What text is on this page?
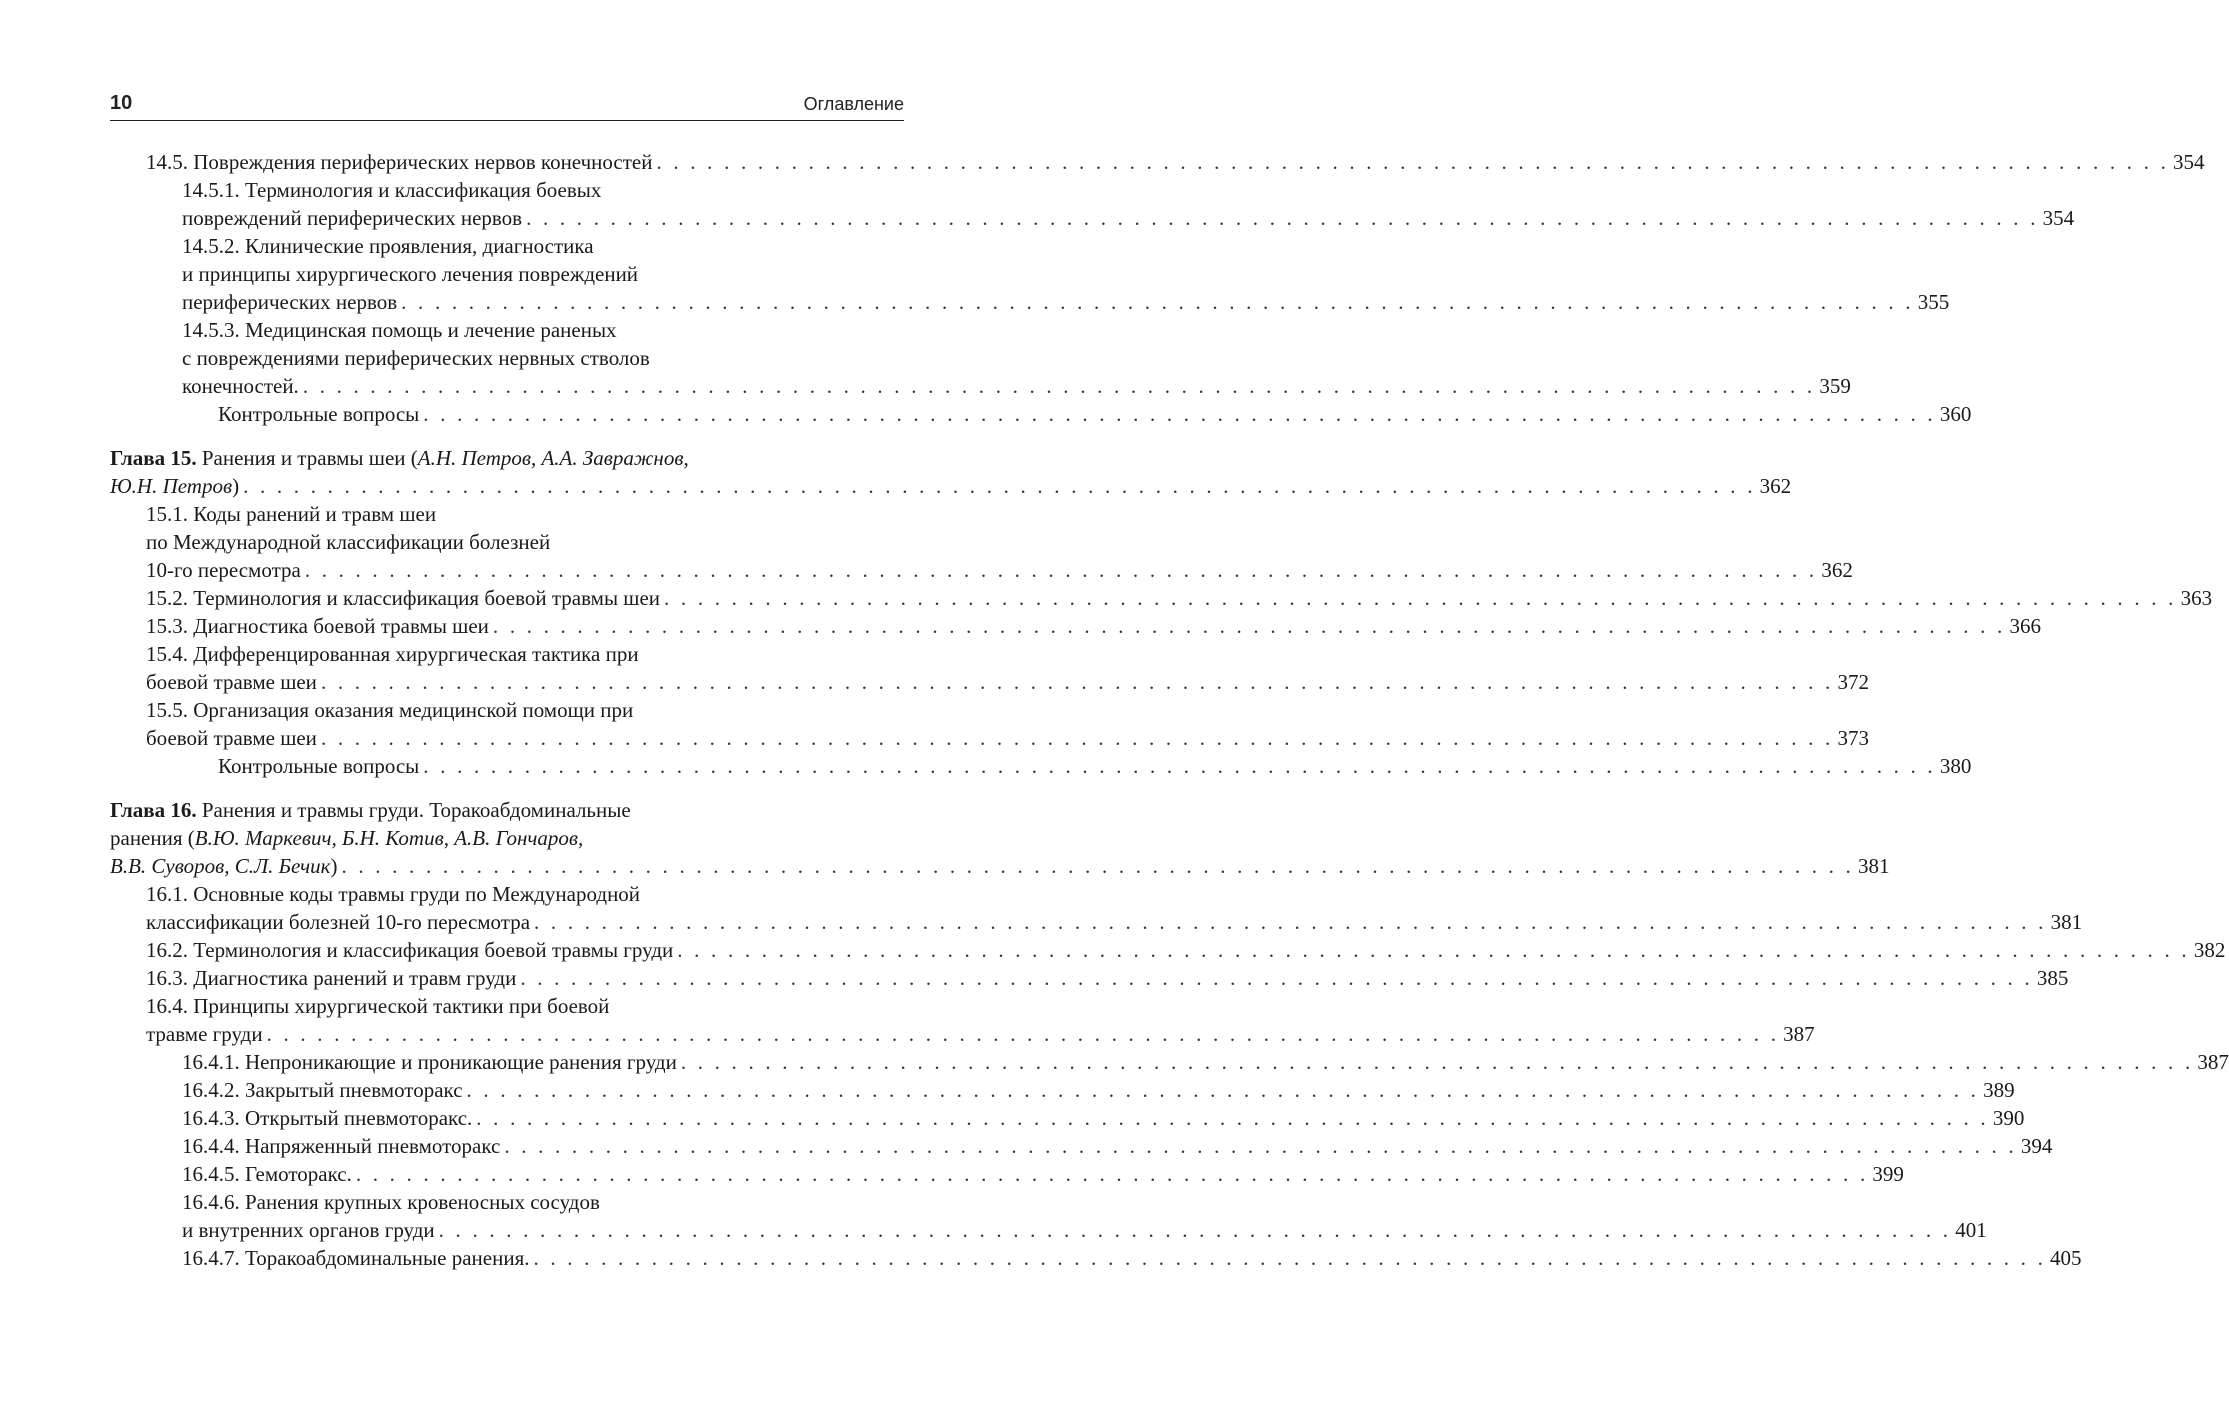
10	Оглавление
14.5. Повреждения периферических нервов конечностей . . . . . . . . . . . . . . . . . . . . . . . . . . . . . . . . . . . . . . . . . . . . . . . . . . . . . . . . . . . . . . . . . . . . . . . . . . . . . . . . . . . . . . . . . . 354
14.5.1. Терминология и классификация боевых
повреждений периферических нервов . . . . . . . . . . . . . . . . . . . . . . . . . . . . . . . . . . . . . . . . . . . . . . . . . . . . . . . . . . . . . . . . . . . . . . . . . . . . . . . . . . . . . . . . . . 354
14.5.2. Клинические проявления, диагностика
и принципы хирургического лечения повреждений
периферических нервов . . . . . . . . . . . . . . . . . . . . . . . . . . . . . . . . . . . . . . . . . . . . . . . . . . . . . . . . . . . . . . . . . . . . . . . . . . . . . . . . . . . . . . . . . . 355
14.5.3. Медицинская помощь и лечение раненых
с повреждениями периферических нервных стволов
конечностей. . . . . . . . . . . . . . . . . . . . . . . . . . . . . . . . . . . . . . . . . . . . . . . . . . . . . . . . . . . . . . . . . . . . . . . . . . . . . . . . . . . . . . . . . . . 359
Контрольные вопросы . . . . . . . . . . . . . . . . . . . . . . . . . . . . . . . . . . . . . . . . . . . . . . . . . . . . . . . . . . . . . . . . . . . . . . . . . . . . . . . . . . . . . . . . . . 360
Глава 15. Ранения и травмы шеи (А.Н. Петров, А.А. Завражнов,
Ю.Н. Петров) . . . . . . . . . . . . . . . . . . . . . . . . . . . . . . . . . . . . . . . . . . . . . . . . . . . . . . . . . . . . . . . . . . . . . . . . . . . . . . . . . . . . . . . . . . 362
15.1. Коды ранений и травм шеи
по Международной классификации болезней
10-го пересмотра . . . . . . . . . . . . . . . . . . . . . . . . . . . . . . . . . . . . . . . . . . . . . . . . . . . . . . . . . . . . . . . . . . . . . . . . . . . . . . . . . . . . . . . . . . 362
15.2. Терминология и классификация боевой травмы шеи . . . . . . . . . . . . . . . . . . . . . . . . . . . . . . . . . . . . . . . . . . . . . . . . . . . . . . . . . . . . . . . . . . . . . . . . . . . . . . . . . . . . . . . . . . 363
15.3. Диагностика боевой травмы шеи . . . . . . . . . . . . . . . . . . . . . . . . . . . . . . . . . . . . . . . . . . . . . . . . . . . . . . . . . . . . . . . . . . . . . . . . . . . . . . . . . . . . . . . . . . 366
15.4. Дифференцированная хирургическая тактика при
боевой травме шеи . . . . . . . . . . . . . . . . . . . . . . . . . . . . . . . . . . . . . . . . . . . . . . . . . . . . . . . . . . . . . . . . . . . . . . . . . . . . . . . . . . . . . . . . . . 372
15.5. Организация оказания медицинской помощи при
боевой травме шеи . . . . . . . . . . . . . . . . . . . . . . . . . . . . . . . . . . . . . . . . . . . . . . . . . . . . . . . . . . . . . . . . . . . . . . . . . . . . . . . . . . . . . . . . . . 373
Контрольные вопросы . . . . . . . . . . . . . . . . . . . . . . . . . . . . . . . . . . . . . . . . . . . . . . . . . . . . . . . . . . . . . . . . . . . . . . . . . . . . . . . . . . . . . . . . . . 380
Глава 16. Ранения и травмы груди. Торакоабдоминальные
ранения (В.Ю. Маркевич, Б.Н. Котив, А.В. Гончаров,
В.В. Суворов, С.Л. Бечик) . . . . . . . . . . . . . . . . . . . . . . . . . . . . . . . . . . . . . . . . . . . . . . . . . . . . . . . . . . . . . . . . . . . . . . . . . . . . . . . . . . . . . . . . . . 381
16.1. Основные коды травмы груди по Международной
классификации болезней 10-го пересмотра . . . . . . . . . . . . . . . . . . . . . . . . . . . . . . . . . . . . . . . . . . . . . . . . . . . . . . . . . . . . . . . . . . . . . . . . . . . . . . . . . . . . . . . . . . 381
16.2. Терминология и классификация боевой травмы груди . . . . . . . . . . . . . . . . . . . . . . . . . . . . . . . . . . . . . . . . . . . . . . . . . . . . . . . . . . . . . . . . . . . . . . . . . . . . . . . . . . . . . . . . . . 382
16.3. Диагностика ранений и травм груди . . . . . . . . . . . . . . . . . . . . . . . . . . . . . . . . . . . . . . . . . . . . . . . . . . . . . . . . . . . . . . . . . . . . . . . . . . . . . . . . . . . . . . . . . . 385
16.4. Принципы хирургической тактики при боевой
травме груди . . . . . . . . . . . . . . . . . . . . . . . . . . . . . . . . . . . . . . . . . . . . . . . . . . . . . . . . . . . . . . . . . . . . . . . . . . . . . . . . . . . . . . . . . . 387
16.4.1. Непроникающие и проникающие ранения груди . . . . . . . . . . . . . . . . . . . . . . . . . . . . . . . . . . . . . . . . . . . . . . . . . . . . . . . . . . . . . . . . . . . . . . . . . . . . . . . . . . . . . . . . . . 387
16.4.2. Закрытый пневмоторакс . . . . . . . . . . . . . . . . . . . . . . . . . . . . . . . . . . . . . . . . . . . . . . . . . . . . . . . . . . . . . . . . . . . . . . . . . . . . . . . . . . . . . . . . . . 389
16.4.3. Открытый пневмоторакс. . . . . . . . . . . . . . . . . . . . . . . . . . . . . . . . . . . . . . . . . . . . . . . . . . . . . . . . . . . . . . . . . . . . . . . . . . . . . . . . . . . . . . . . . . . 390
16.4.4. Напряженный пневмоторакс . . . . . . . . . . . . . . . . . . . . . . . . . . . . . . . . . . . . . . . . . . . . . . . . . . . . . . . . . . . . . . . . . . . . . . . . . . . . . . . . . . . . . . . . . . 394
16.4.5. Гемоторакс. . . . . . . . . . . . . . . . . . . . . . . . . . . . . . . . . . . . . . . . . . . . . . . . . . . . . . . . . . . . . . . . . . . . . . . . . . . . . . . . . . . . . . . . . . . 399
16.4.6. Ранения крупных кровеносных сосудов
и внутренних органов груди . . . . . . . . . . . . . . . . . . . . . . . . . . . . . . . . . . . . . . . . . . . . . . . . . . . . . . . . . . . . . . . . . . . . . . . . . . . . . . . . . . . . . . . . . . 401
16.4.7. Торакоабдоминальные ранения. . . . . . . . . . . . . . . . . . . . . . . . . . . . . . . . . . . . . . . . . . . . . . . . . . . . . . . . . . . . . . . . . . . . . . . . . . . . . . . . . . . . . . . . . . . 405
